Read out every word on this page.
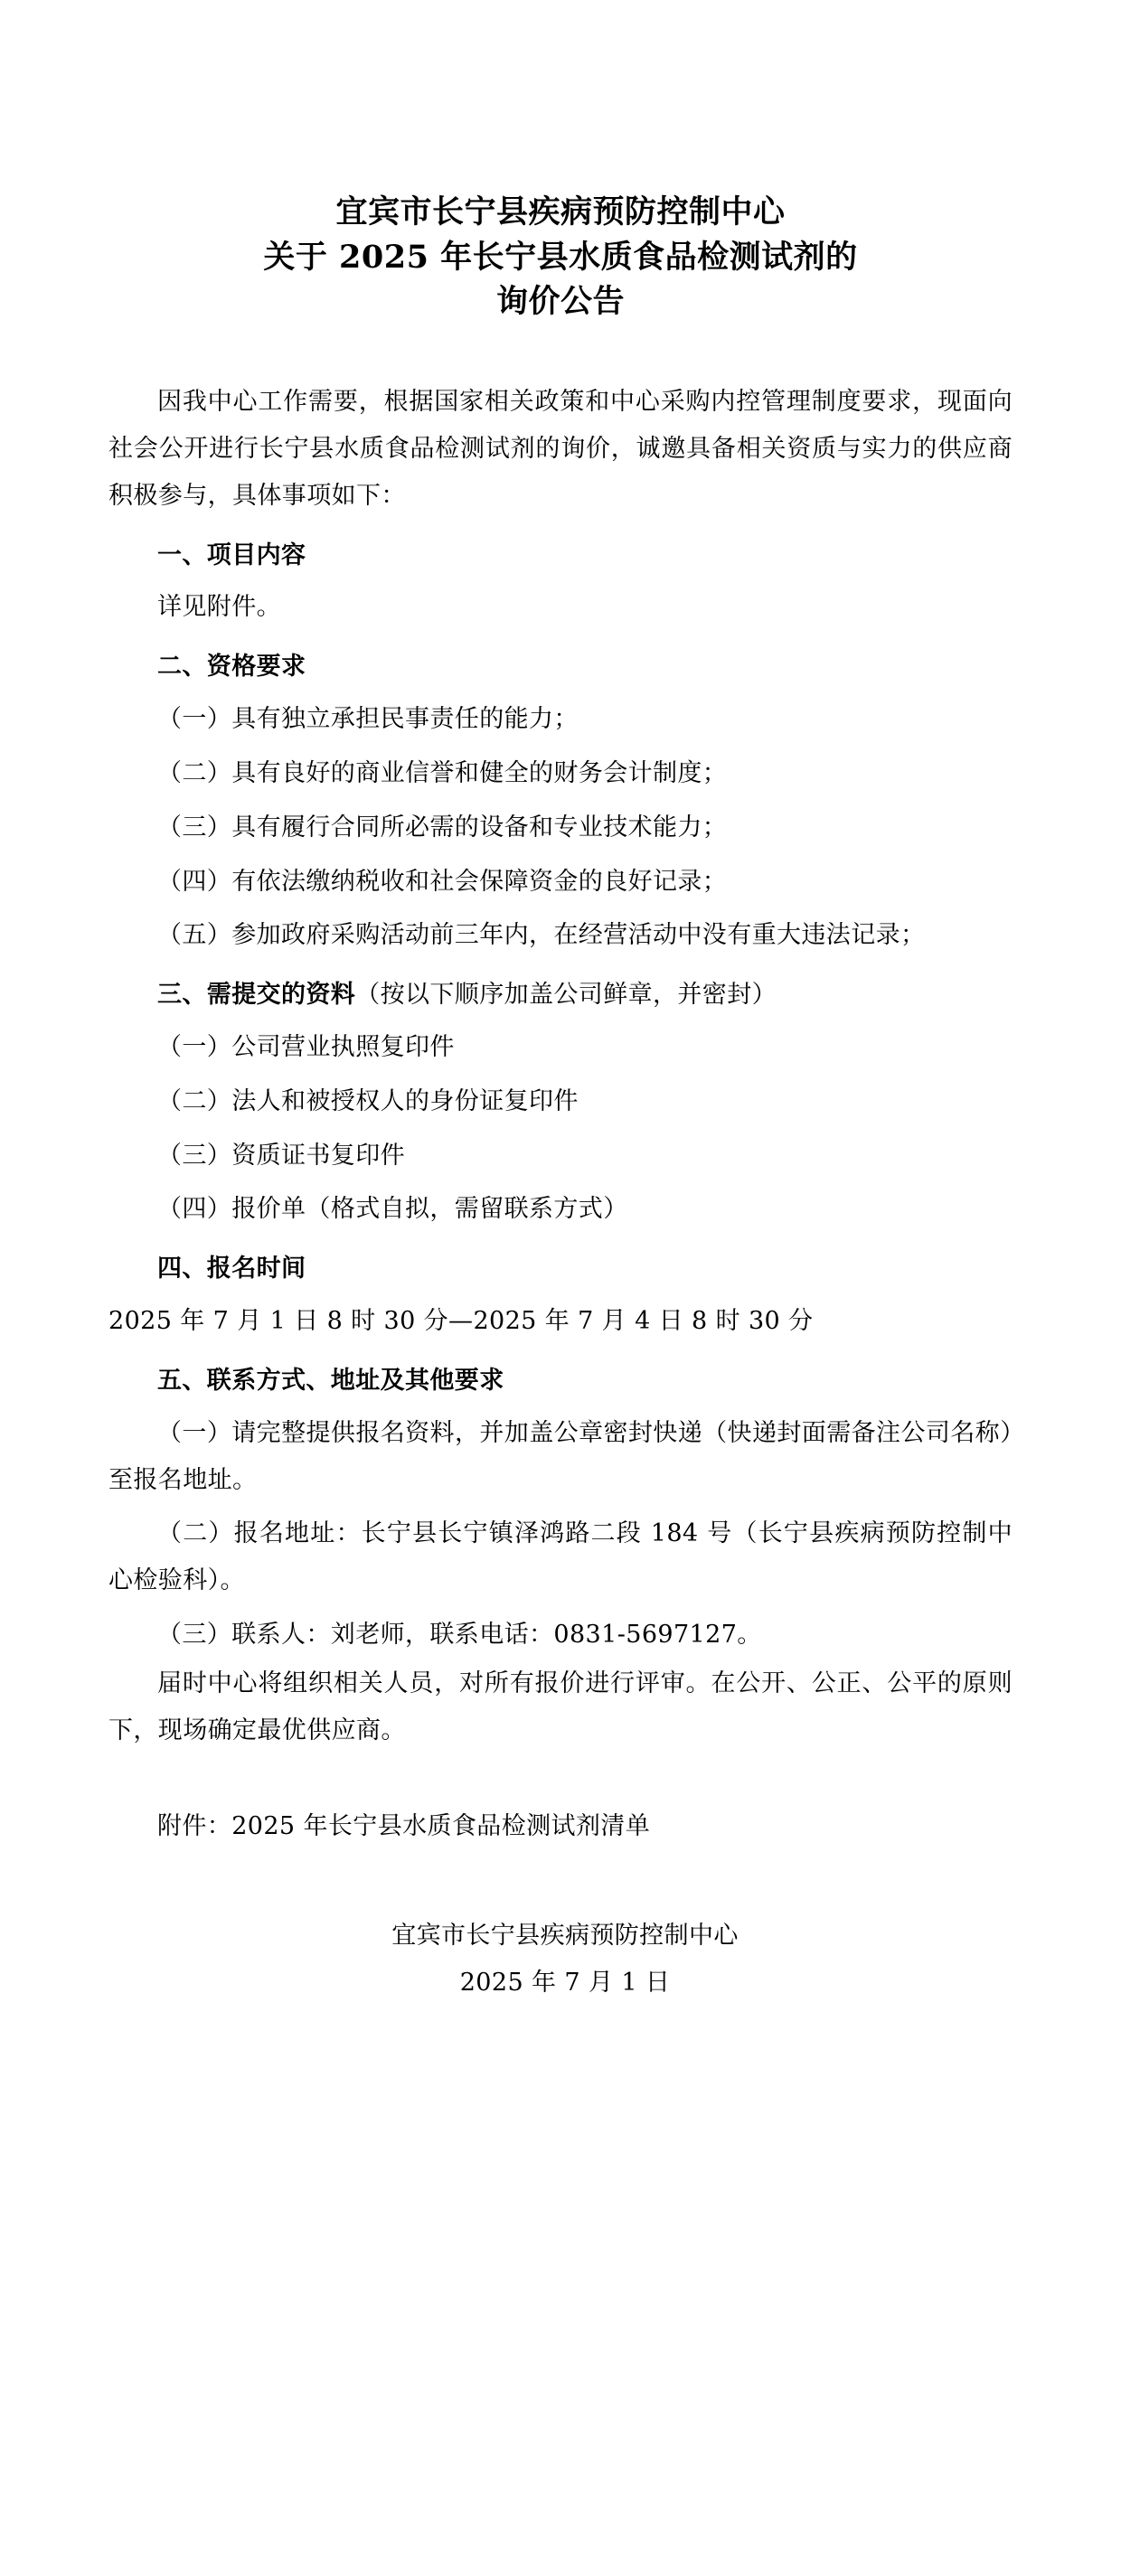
宜宾市长宁县疾病预防控制中心
关于 2025 年长宁县水质食品检测试剂的
询价公告

因我中心工作需要，根据国家相关政策和中心采购内控管理制度要求，现面向社会公开进行长宁县水质食品检测试剂的询价，诚邀具备相关资质与实力的供应商积极参与，具体事项如下：

一、项目内容

详见附件。

二、资格要求

（一）具有独立承担民事责任的能力；

（二）具有良好的商业信誉和健全的财务会计制度；

（三）具有履行合同所必需的设备和专业技术能力；

（四）有依法缴纳税收和社会保障资金的良好记录；

（五）参加政府采购活动前三年内，在经营活动中没有重大违法记录；

三、需提交的资料（按以下顺序加盖公司鲜章，并密封）

（一）公司营业执照复印件

（二）法人和被授权人的身份证复印件

（三）资质证书复印件

（四）报价单（格式自拟，需留联系方式）

四、报名时间

2025 年 7 月 1 日 8 时 30 分—2025 年 7 月 4 日 8 时 30 分

五、联系方式、地址及其他要求

（一）请完整提供报名资料，并加盖公章密封快递（快递封面需备注公司名称）至报名地址。

（二）报名地址：长宁县长宁镇泽鸿路二段 184 号（长宁县疾病预防控制中心检验科）。

（三）联系人：刘老师，联系电话：0831-5697127。

届时中心将组织相关人员，对所有报价进行评审。在公开、公正、公平的原则下，现场确定最优供应商。

附件：2025 年长宁县水质食品检测试剂清单

宜宾市长宁县疾病预防控制中心
2025 年 7 月 1 日
